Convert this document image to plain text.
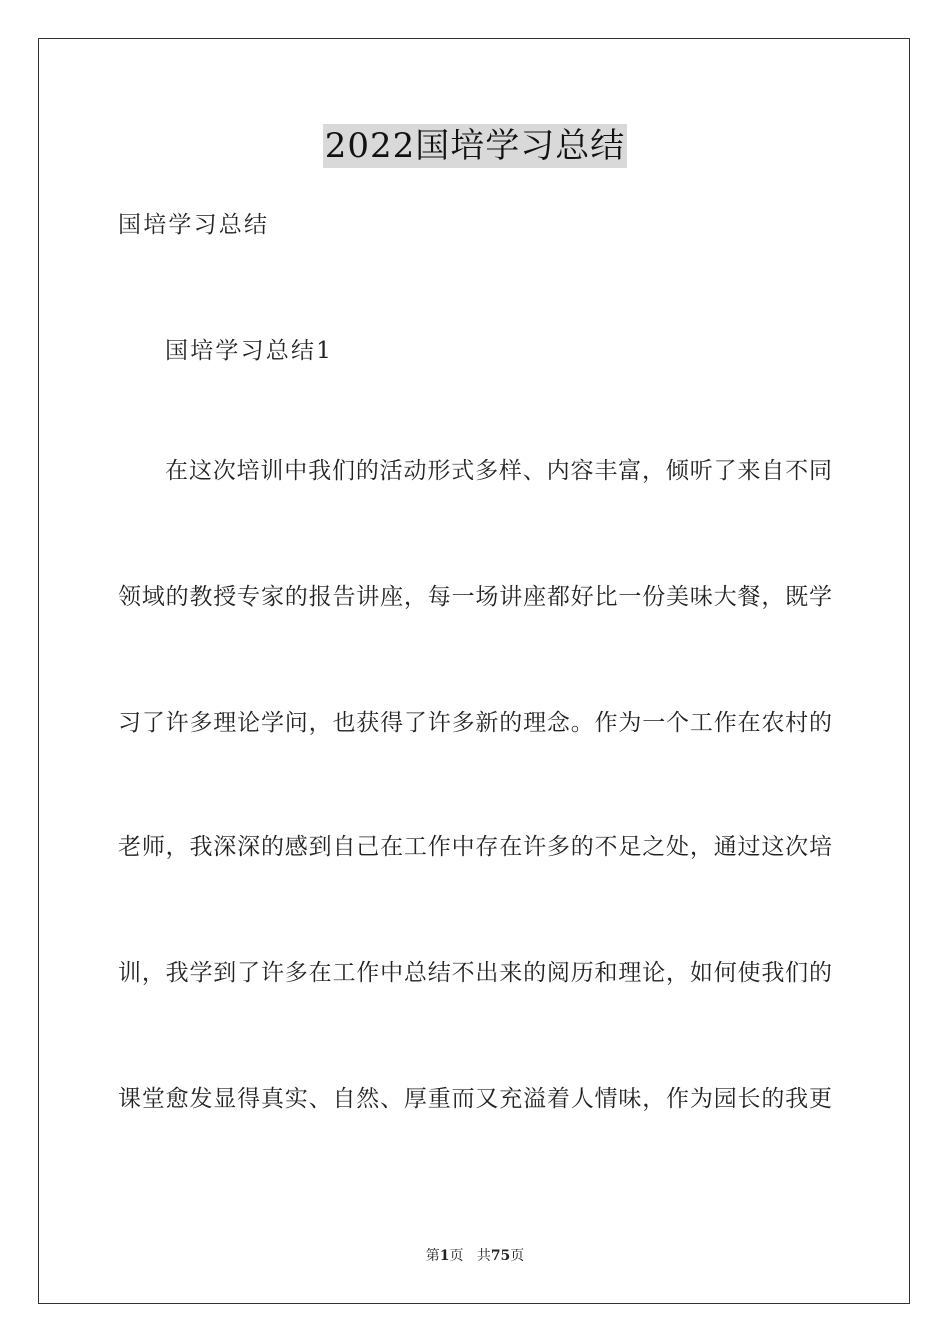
2022国培学习总结
国培学习总结
国培学习总结1
在这次培训中我们的活动形式多样、内容丰富，倾听了来自不同
领域的教授专家的报告讲座，每一场讲座都好比一份美味大餐，既学
习了许多理论学问，也获得了许多新的理念。作为一个工作在农村的
老师，我深深的感到自己在工作中存在许多的不足之处，通过这次培
训，我学到了许多在工作中总结不出来的阅历和理论，如何使我们的
课堂愈发显得真实、自然、厚重而又充溢着人情味，作为园长的我更
第1页 共75页
